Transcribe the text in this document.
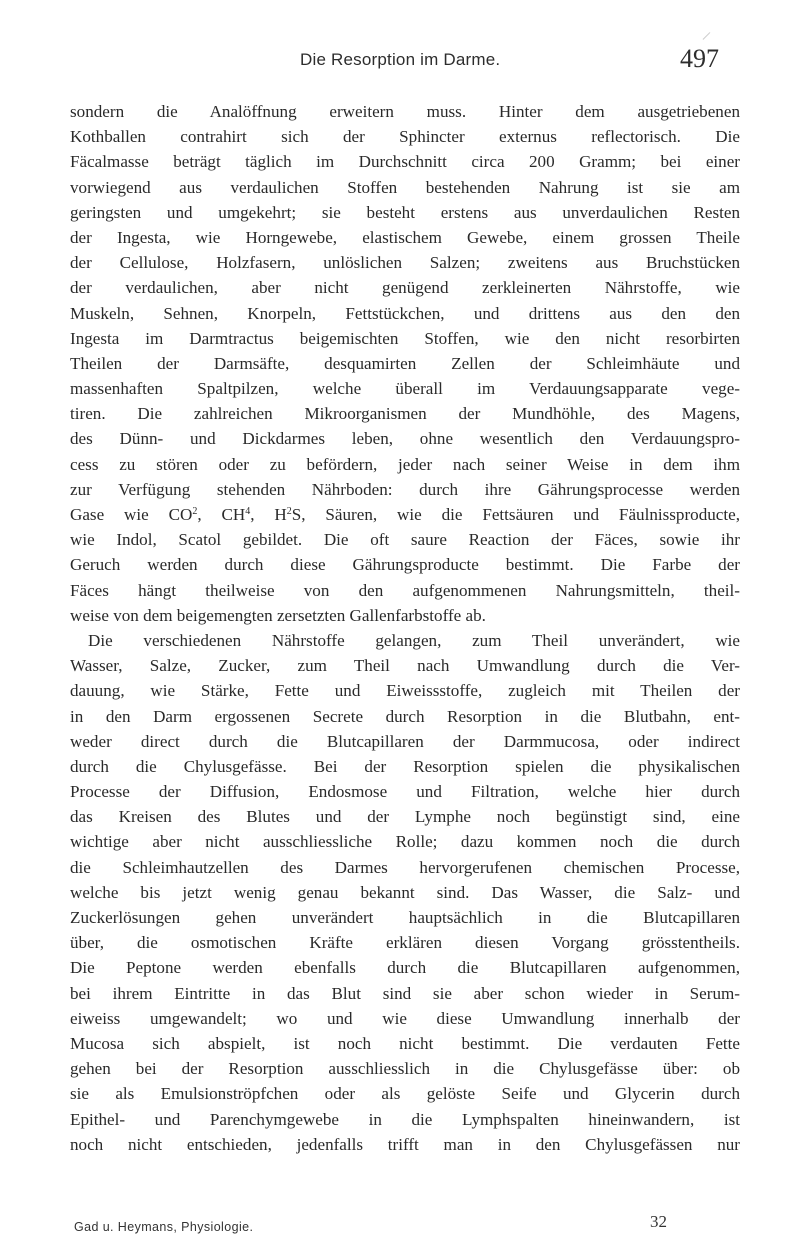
Die Resorption im Darme.	497
sondern die Analöffnung erweitern muss. Hinter dem ausgetriebenen
Kothballen contrahirt sich der Sphincter externus reflectorisch. Die
Fäcalmasse beträgt täglich im Durchschnitt circa 200 Gramm; bei einer
vorwiegend aus verdaulichen Stoffen bestehenden Nahrung ist sie am
geringsten und umgekehrt; sie besteht erstens aus unverdaulichen Resten
der Ingesta, wie Horngewebe, elastischem Gewebe, einem grossen Theile
der Cellulose, Holzfasern, unlöslichen Salzen; zweitens aus Bruchstücken
der verdaulichen, aber nicht genügend zerkleinerten Nährstoffe, wie
Muskeln, Sehnen, Knorpeln, Fettstückchen, und drittens aus den den
Ingesta im Darmtractus beigemischten Stoffen, wie den nicht resorbirten
Theilen der Darmsäfte, desquamirten Zellen der Schleimhäute und
massenhaften Spaltpilzen, welche überall im Verdauungsapparate vege-
tiren. Die zahlreichen Mikroorganismen der Mundhöhle, des Magens,
des Dünn- und Dickdarmes leben, ohne wesentlich den Verdauungspro-
cess zu stören oder zu befördern, jeder nach seiner Weise in dem ihm
zur Verfügung stehenden Nährboden: durch ihre Gährungsprocesse werden
Gase wie $CO^2$, $CH^4$, $H^2S$, Säuren, wie die Fettsäuren und Fäulnissproducte,
wie Indol, Scatol gebildet. Die oft saure Reaction der Fäces, sowie ihr
Geruch werden durch diese Gährungsproducte bestimmt. Die Farbe der
Fäces hängt theilweise von den aufgenommenen Nahrungsmitteln, theil-
weise von dem beigemengten zersetzten Gallenfarbstoffe ab.
Die verschiedenen Nährstoffe gelangen, zum Theil unverändert, wie
Wasser, Salze, Zucker, zum Theil nach Umwandlung durch die Ver-
dauung, wie Stärke, Fette und Eiweissstoffe, zugleich mit Theilen der
in den Darm ergossenen Secrete durch Resorption in die Blutbahn, ent-
weder direct durch die Blutcapillaren der Darmmucosa, oder indirect
durch die Chylusgefässe. Bei der Resorption spielen die physikalischen
Processe der Diffusion, Endosmose und Filtration, welche hier durch
das Kreisen des Blutes und der Lymphe noch begünstigt sind, eine
wichtige aber nicht ausschliessliche Rolle; dazu kommen noch die durch
die Schleimhautzellen des Darmes hervorgerufenen chemischen Processe,
welche bis jetzt wenig genau bekannt sind. Das Wasser, die Salz- und
Zuckerlösungen gehen unverändert hauptsächlich in die Blutcapillaren
über, die osmotischen Kräfte erklären diesen Vorgang grösstentheils.
Die Peptone werden ebenfalls durch die Blutcapillaren aufgenommen,
bei ihrem Eintritte in das Blut sind sie aber schon wieder in Serum-
eiweiss umgewandelt; wo und wie diese Umwandlung innerhalb der
Mucosa sich abspielt, ist noch nicht bestimmt. Die verdauten Fette
gehen bei der Resorption ausschliesslich in die Chylusgefässe über: ob
sie als Emulsionströpfchen oder als gelöste Seife und Glycerin durch
Epithel- und Parenchymgewebe in die Lymphspalten hineinwandern, ist
noch nicht entschieden, jedenfalls trifft man in den Chylusgefässen nur
Gad u. Heymans, Physiologie.	32
